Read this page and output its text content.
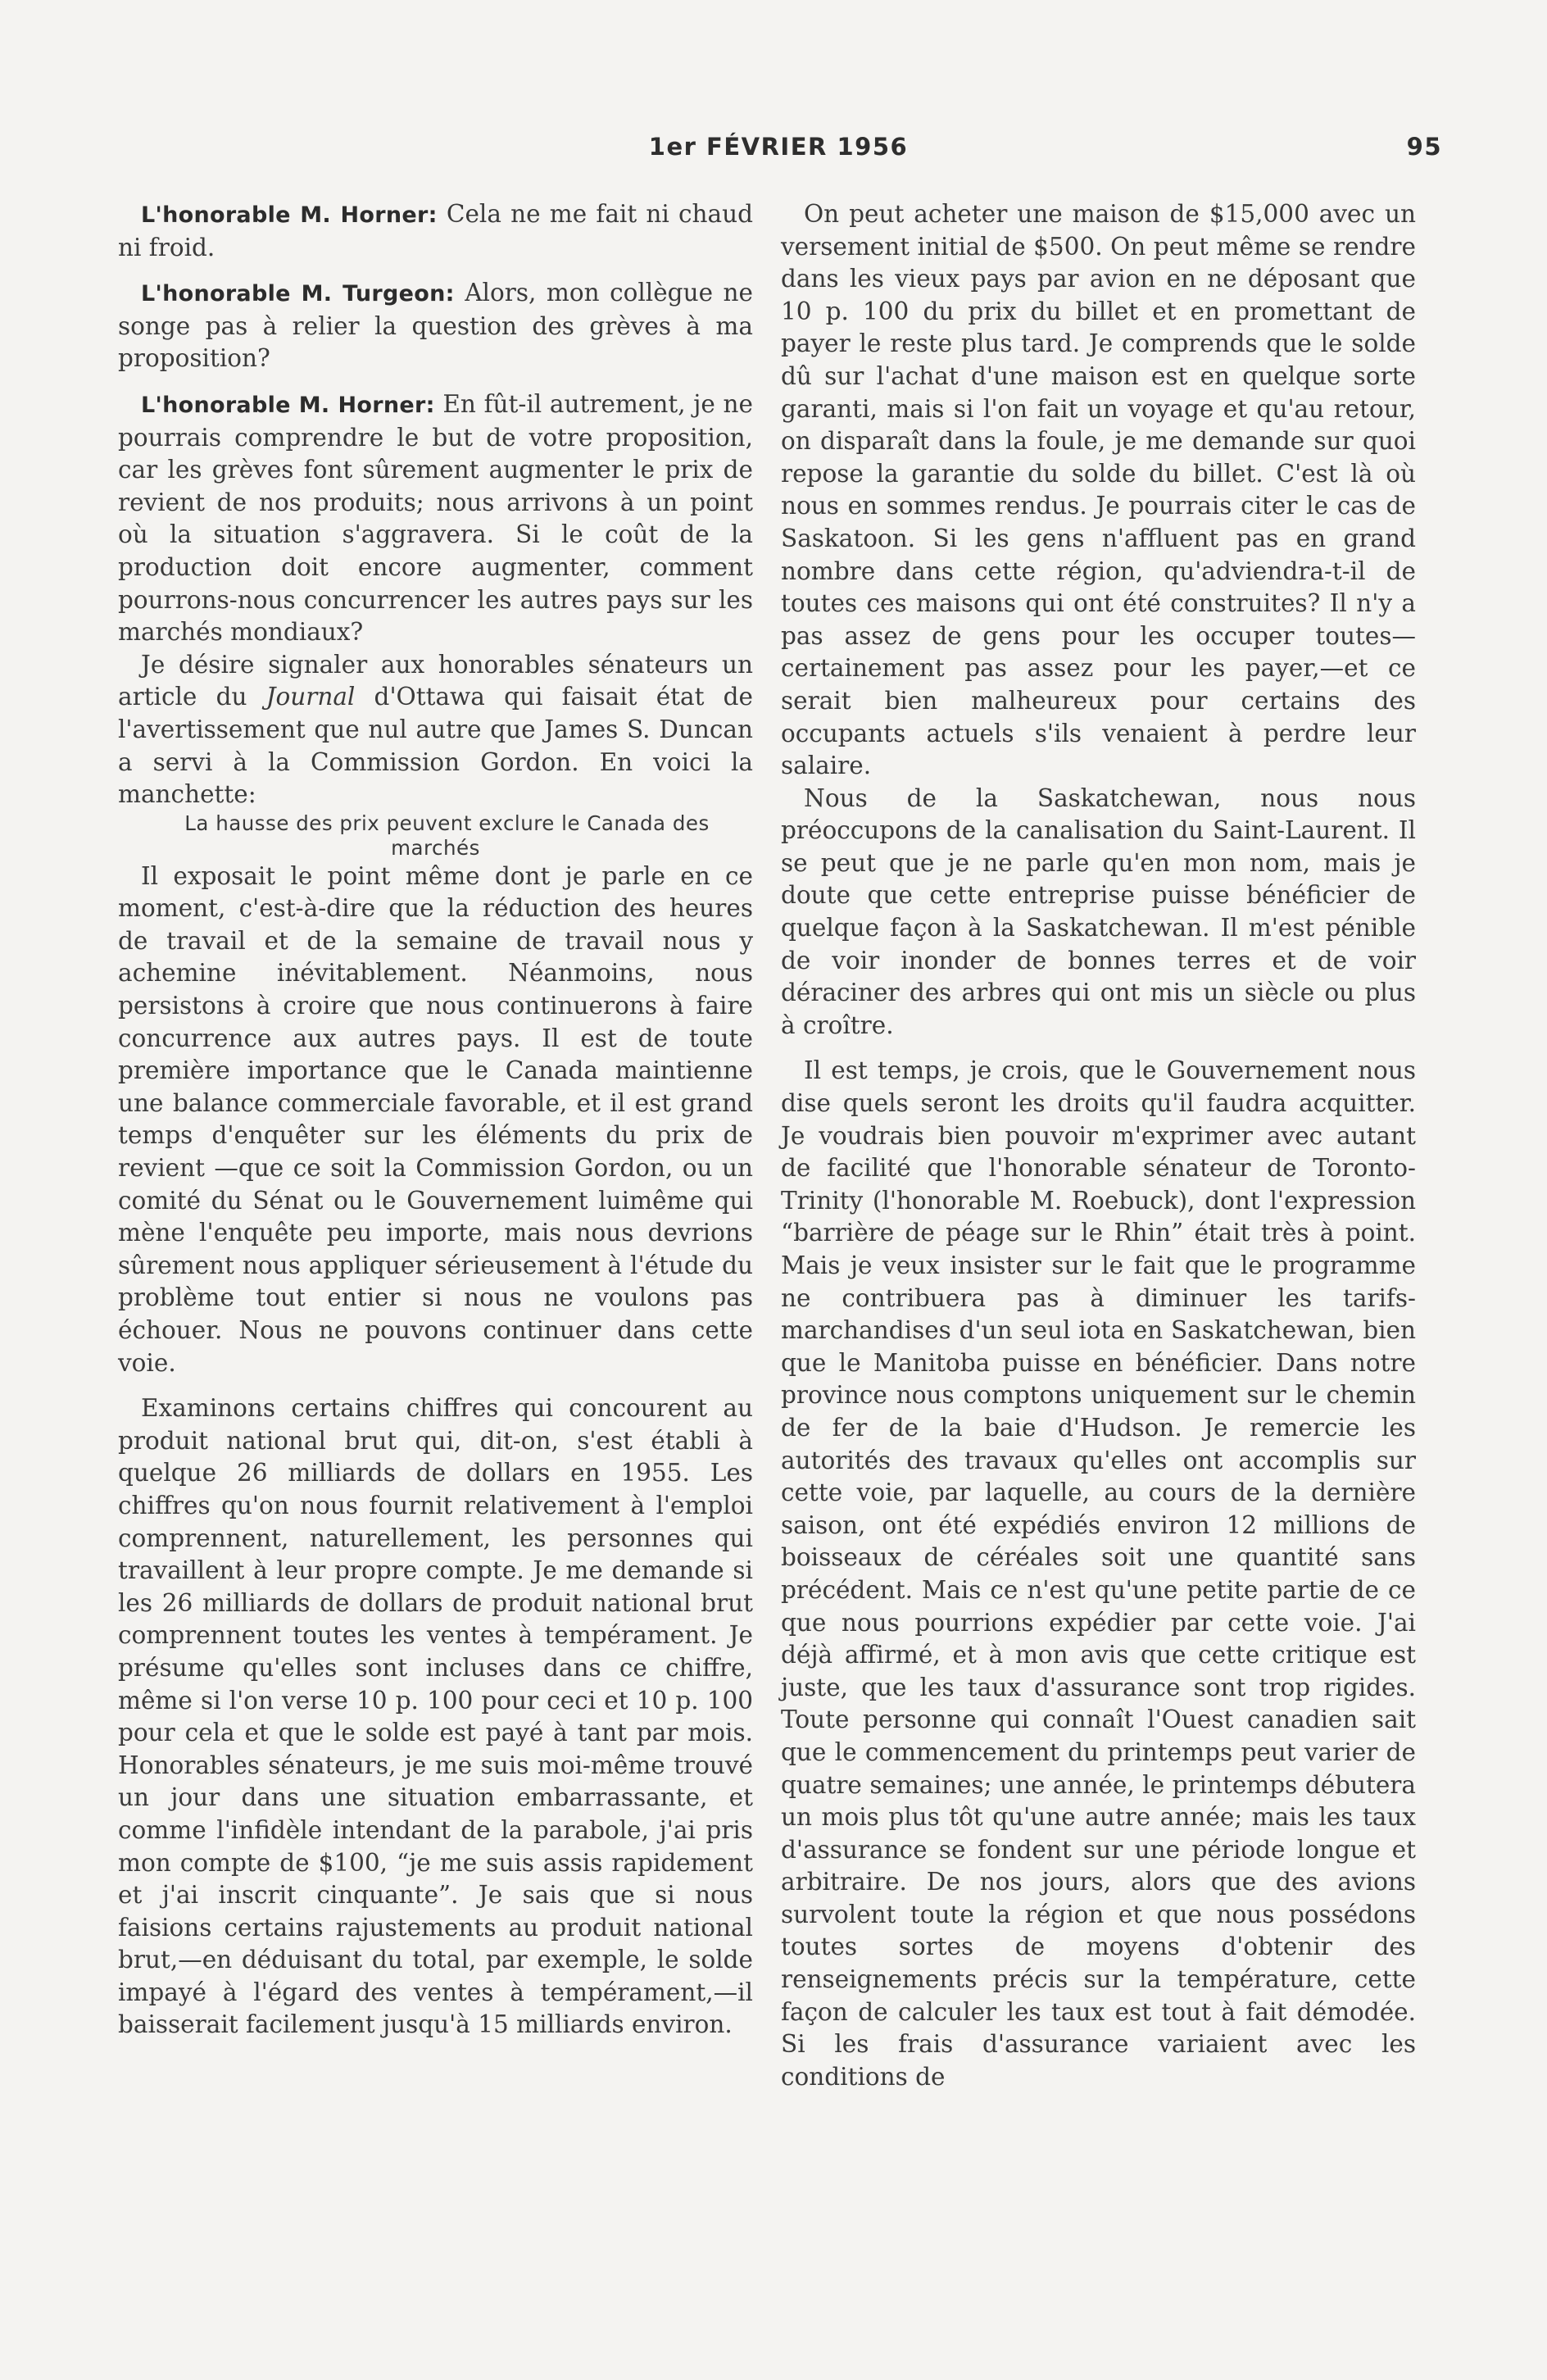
1er FÉVRIER 1956	95

L'honorable M. Horner: Cela ne me fait ni chaud ni froid.

L'honorable M. Turgeon: Alors, mon collègue ne songe pas à relier la question des grèves à ma proposition?

L'honorable M. Horner: En fût-il autrement, je ne pourrais comprendre le but de votre proposition, car les grèves font sûrement augmenter le prix de revient de nos produits; nous arrivons à un point où la situation s'aggravera. Si le coût de la production doit encore augmenter, comment pourrons-nous concurrencer les autres pays sur les marchés mondiaux?

Je désire signaler aux honorables sénateurs un article du Journal d'Ottawa qui faisait état de l'avertissement que nul autre que James S. Duncan a servi à la Commission Gordon. En voici la manchette:

La hausse des prix peuvent exclure le Canada des marchés

Il exposait le point même dont je parle en ce moment, c'est-à-dire que la réduction des heures de travail et de la semaine de travail nous y achemine inévitablement. Néanmoins, nous persistons à croire que nous continuerons à faire concurrence aux autres pays. Il est de toute première importance que le Canada maintienne une balance commerciale favorable, et il est grand temps d'enquêter sur les éléments du prix de revient —que ce soit la Commission Gordon, ou un comité du Sénat ou le Gouvernement luimême qui mène l'enquête peu importe, mais nous devrions sûrement nous appliquer sérieusement à l'étude du problème tout entier si nous ne voulons pas échouer. Nous ne pouvons continuer dans cette voie.

Examinons certains chiffres qui concourent au produit national brut qui, dit-on, s'est établi à quelque 26 milliards de dollars en 1955. Les chiffres qu'on nous fournit relativement à l'emploi comprennent, naturellement, les personnes qui travaillent à leur propre compte. Je me demande si les 26 milliards de dollars de produit national brut comprennent toutes les ventes à tempérament. Je présume qu'elles sont incluses dans ce chiffre, même si l'on verse 10 p. 100 pour ceci et 10 p. 100 pour cela et que le solde est payé à tant par mois. Honorables sénateurs, je me suis moi-même trouvé un jour dans une situation embarrassante, et comme l'infidèle intendant de la parabole, j'ai pris mon compte de $100, “je me suis assis rapidement et j'ai inscrit cinquante”. Je sais que si nous faisions certains rajustements au produit national brut,—en déduisant du total, par exemple, le solde impayé à l'égard des ventes à tempérament,—il baisserait facilement jusqu'à 15 milliards environ.

On peut acheter une maison de $15,000 avec un versement initial de $500. On peut même se rendre dans les vieux pays par avion en ne déposant que 10 p. 100 du prix du billet et en promettant de payer le reste plus tard. Je comprends que le solde dû sur l'achat d'une maison est en quelque sorte garanti, mais si l'on fait un voyage et qu'au retour, on disparaît dans la foule, je me demande sur quoi repose la garantie du solde du billet. C'est là où nous en sommes rendus. Je pourrais citer le cas de Saskatoon. Si les gens n'affluent pas en grand nombre dans cette région, qu'adviendra-t-il de toutes ces maisons qui ont été construites? Il n'y a pas assez de gens pour les occuper toutes—certainement pas assez pour les payer,—et ce serait bien malheureux pour certains des occupants actuels s'ils venaient à perdre leur salaire.

Nous de la Saskatchewan, nous nous préoccupons de la canalisation du Saint-Laurent. Il se peut que je ne parle qu'en mon nom, mais je doute que cette entreprise puisse bénéficier de quelque façon à la Saskatchewan. Il m'est pénible de voir inonder de bonnes terres et de voir déraciner des arbres qui ont mis un siècle ou plus à croître.

Il est temps, je crois, que le Gouvernement nous dise quels seront les droits qu'il faudra acquitter. Je voudrais bien pouvoir m'exprimer avec autant de facilité que l'honorable sénateur de Toronto-Trinity (l'honorable M. Roebuck), dont l'expression “barrière de péage sur le Rhin” était très à point. Mais je veux insister sur le fait que le programme ne contribuera pas à diminuer les tarifs-marchandises d'un seul iota en Saskatchewan, bien que le Manitoba puisse en bénéficier. Dans notre province nous comptons uniquement sur le chemin de fer de la baie d'Hudson. Je remercie les autorités des travaux qu'elles ont accomplis sur cette voie, par laquelle, au cours de la dernière saison, ont été expédiés environ 12 millions de boisseaux de céréales soit une quantité sans précédent. Mais ce n'est qu'une petite partie de ce que nous pourrions expédier par cette voie. J'ai déjà affirmé, et à mon avis que cette critique est juste, que les taux d'assurance sont trop rigides. Toute personne qui connaît l'Ouest canadien sait que le commencement du printemps peut varier de quatre semaines; une année, le printemps débutera un mois plus tôt qu'une autre année; mais les taux d'assurance se fondent sur une période longue et arbitraire. De nos jours, alors que des avions survolent toute la région et que nous possédons toutes sortes de moyens d'obtenir des renseignements précis sur la température, cette façon de calculer les taux est tout à fait démodée. Si les frais d'assurance variaient avec les conditions de
